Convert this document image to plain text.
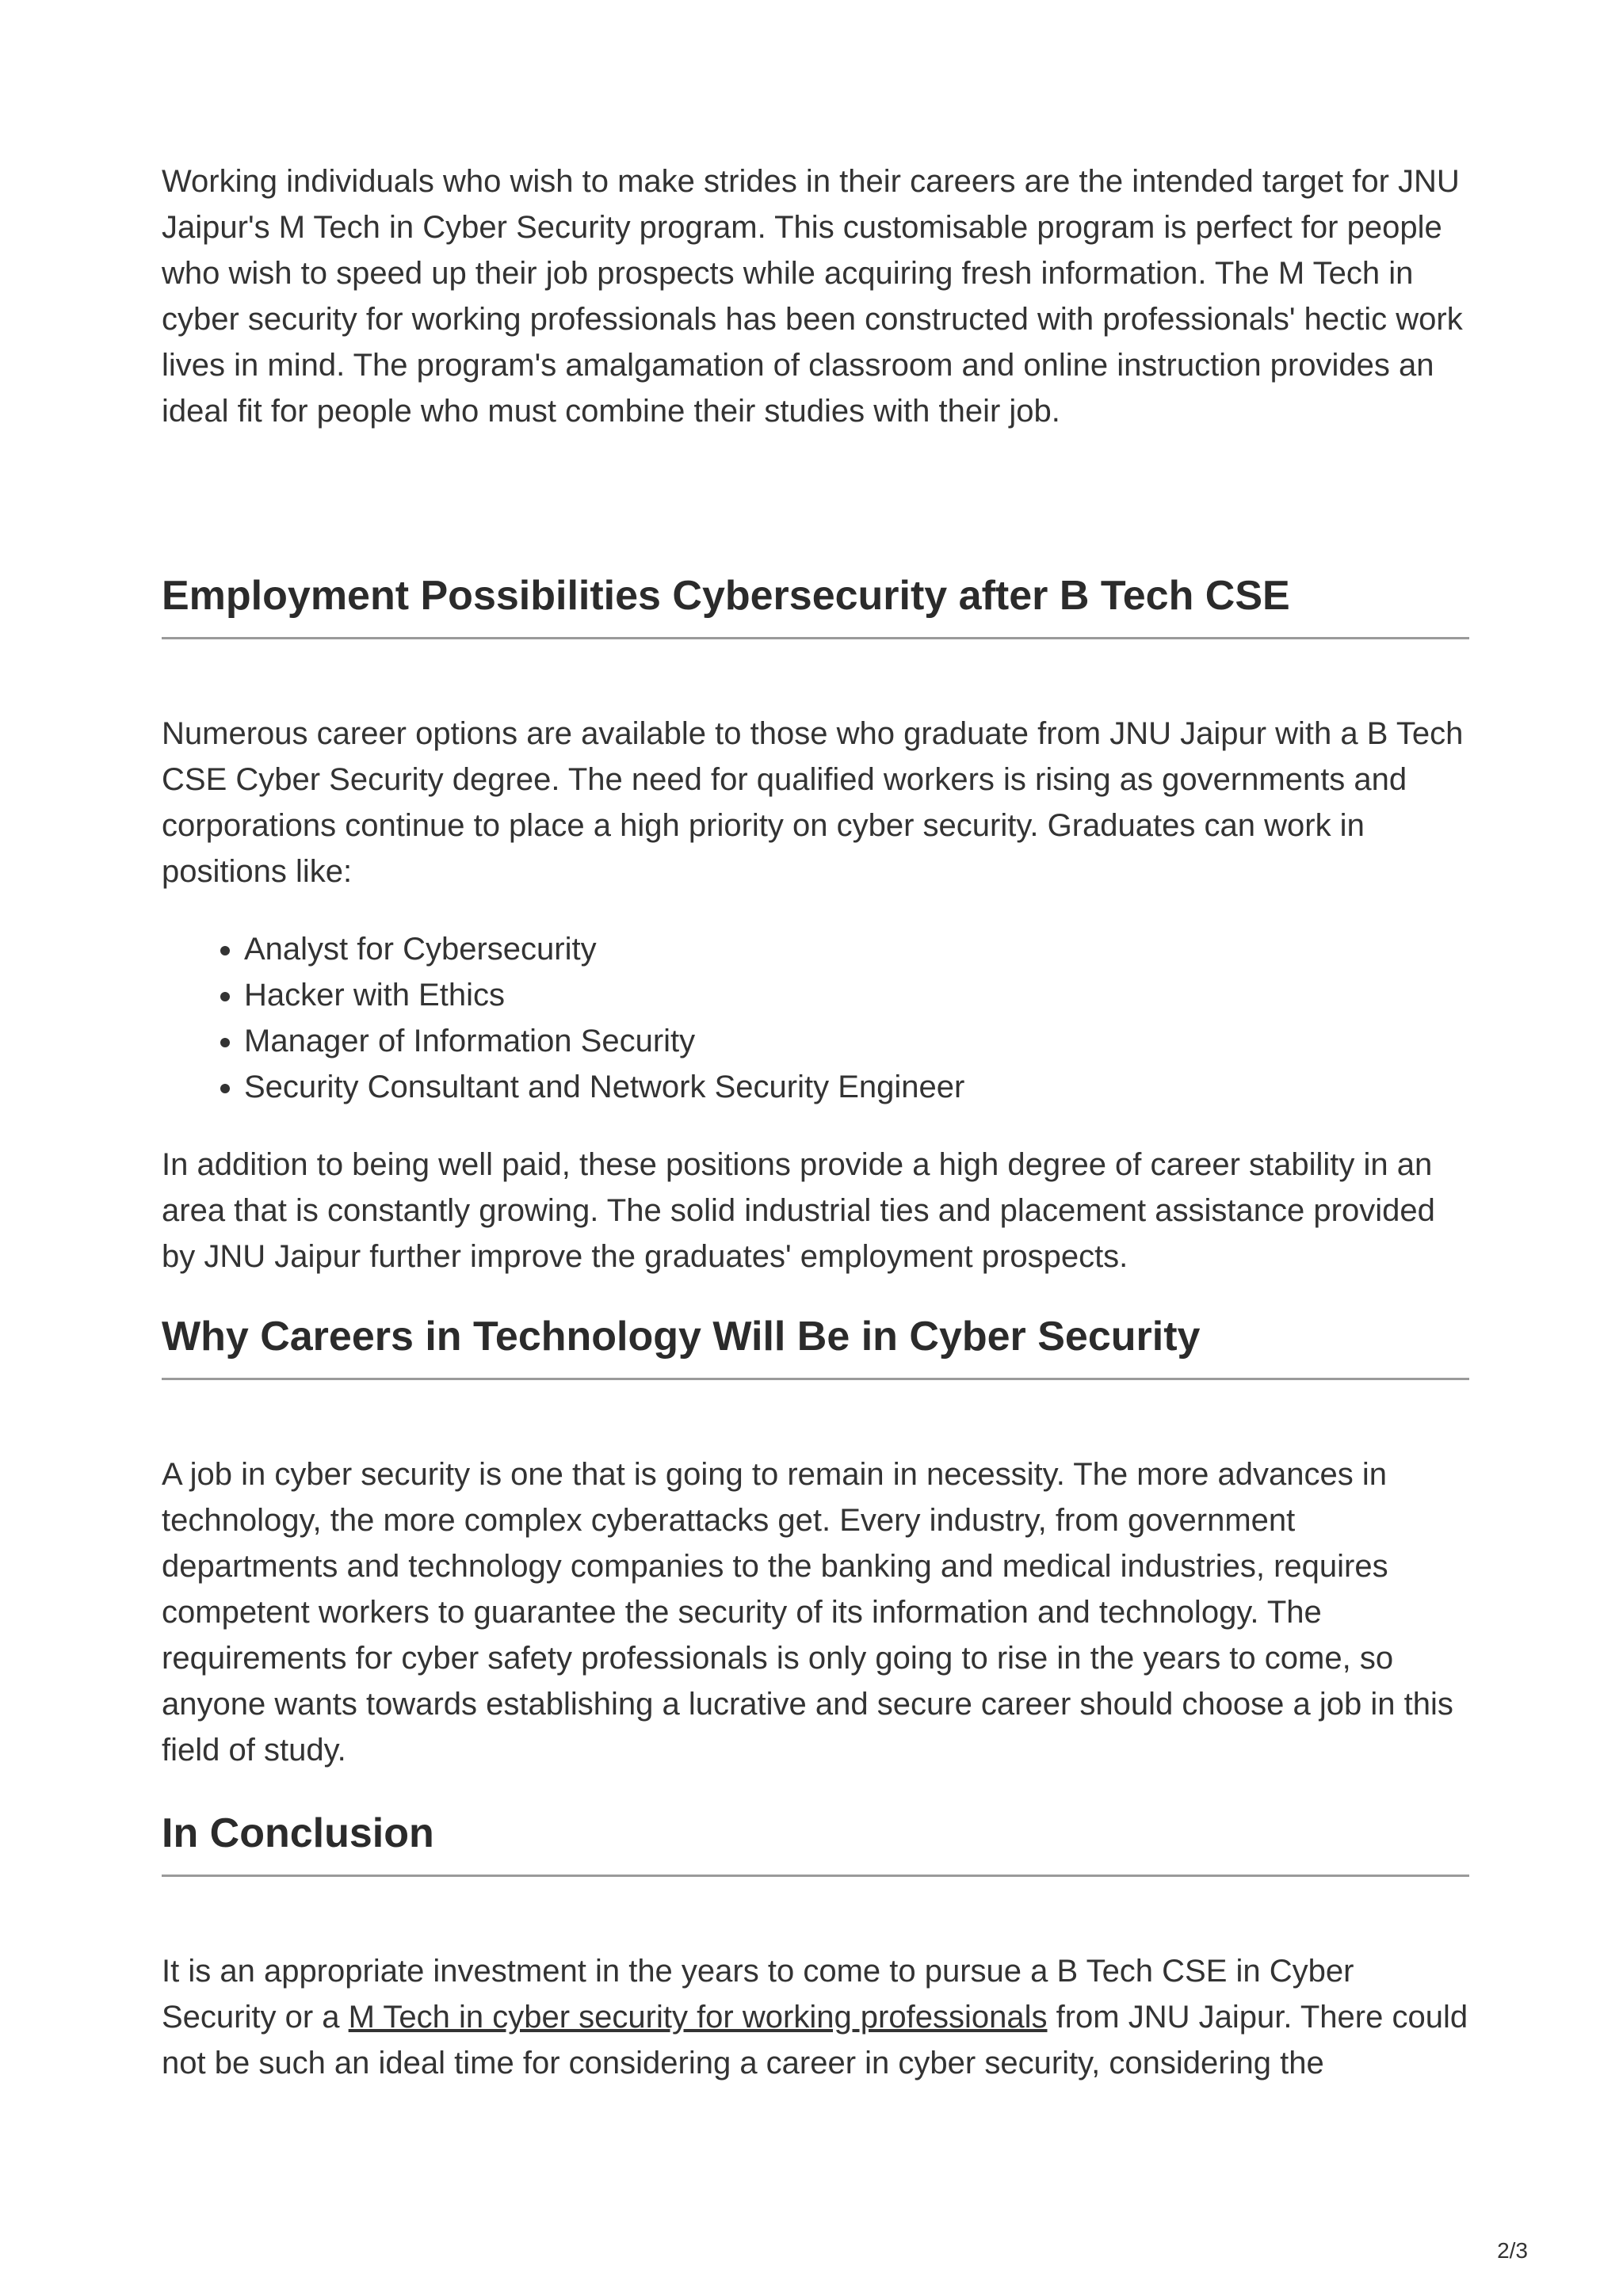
Working individuals who wish to make strides in their careers are the intended target for JNU Jaipur's M Tech in Cyber Security program. This customisable program is perfect for people who wish to speed up their job prospects while acquiring fresh information. The M Tech in cyber security for working professionals has been constructed with professionals' hectic work lives in mind. The program's amalgamation of classroom and online instruction provides an ideal fit for people who must combine their studies with their job.

Employment Possibilities Cybersecurity after B Tech CSE

Numerous career options are available to those who graduate from JNU Jaipur with a B Tech CSE Cyber Security degree. The need for qualified workers is rising as governments and corporations continue to place a high priority on cyber security. Graduates can work in positions like:

• Analyst for Cybersecurity
• Hacker with Ethics
• Manager of Information Security
• Security Consultant and Network Security Engineer

In addition to being well paid, these positions provide a high degree of career stability in an area that is constantly growing. The solid industrial ties and placement assistance provided by JNU Jaipur further improve the graduates' employment prospects.

Why Careers in Technology Will Be in Cyber Security

A job in cyber security is one that is going to remain in necessity. The more advances in technology, the more complex cyberattacks get. Every industry, from government departments and technology companies to the banking and medical industries, requires competent workers to guarantee the security of its information and technology. The requirements for cyber safety professionals is only going to rise in the years to come, so anyone wants towards establishing a lucrative and secure career should choose a job in this field of study.

In Conclusion

It is an appropriate investment in the years to come to pursue a B Tech CSE in Cyber Security or a M Tech in cyber security for working professionals from JNU Jaipur. There could not be such an ideal time for considering a career in cyber security, considering the

2/3
